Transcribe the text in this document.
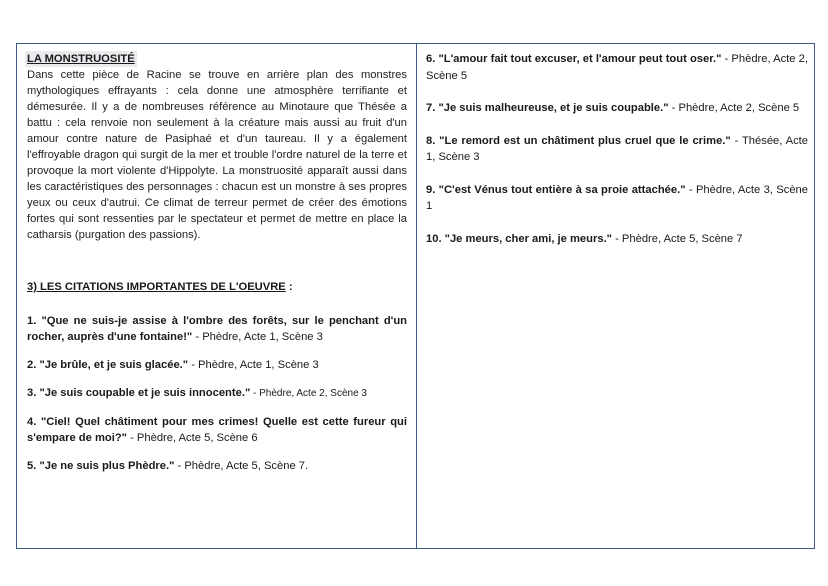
LA MONSTRUOSITÉ

Dans cette pièce de Racine se trouve en arrière plan des monstres mythologiques effrayants : cela donne une atmosphère terrifiante et démesurée. Il y a de nombreuses référence au Minotaure que Thésée a battu : cela renvoie non seulement à la créature mais aussi au fruit d'un amour contre nature de Pasiphaé et d'un taureau. Il y a également l'effroyable dragon qui surgit de la mer et trouble l'ordre naturel de la terre et provoque la mort violente d'Hippolyte. La monstruosité apparaît aussi dans les caractéristiques des personnages : chacun est un monstre à ses propres yeux ou ceux d'autrui. Ce climat de terreur permet de créer des émotions fortes qui sont ressenties par le spectateur et permet de mettre en place la catharsis (purgation des passions).

3) LES CITATIONS IMPORTANTES DE L'OEUVRE :
1. "Que ne suis-je assise à l'ombre des forêts, sur le penchant d'un rocher, auprès d'une fontaine!" - Phèdre, Acte 1, Scène 3
2. "Je brûle, et je suis glacée." - Phèdre, Acte 1, Scène 3
3. "Je suis coupable et je suis innocente." - Phèdre, Acte 2, Scène 3
4. "Ciel! Quel châtiment pour mes crimes! Quelle est cette fureur qui s'empare de moi?" - Phèdre, Acte 5, Scène 6
5. "Je ne suis plus Phèdre." - Phèdre, Acte 5, Scène 7.
6. "L'amour fait tout excuser, et l'amour peut tout oser." - Phèdre, Acte 2, Scène 5
7. "Je suis malheureuse, et je suis coupable." - Phèdre, Acte 2, Scène 5
8. "Le remord est un châtiment plus cruel que le crime." - Thésée, Acte 1, Scène 3
9. "C'est Vénus tout entière à sa proie attachée." - Phèdre, Acte 3, Scène 1
10. "Je meurs, cher ami, je meurs." - Phèdre, Acte 5, Scène 7
